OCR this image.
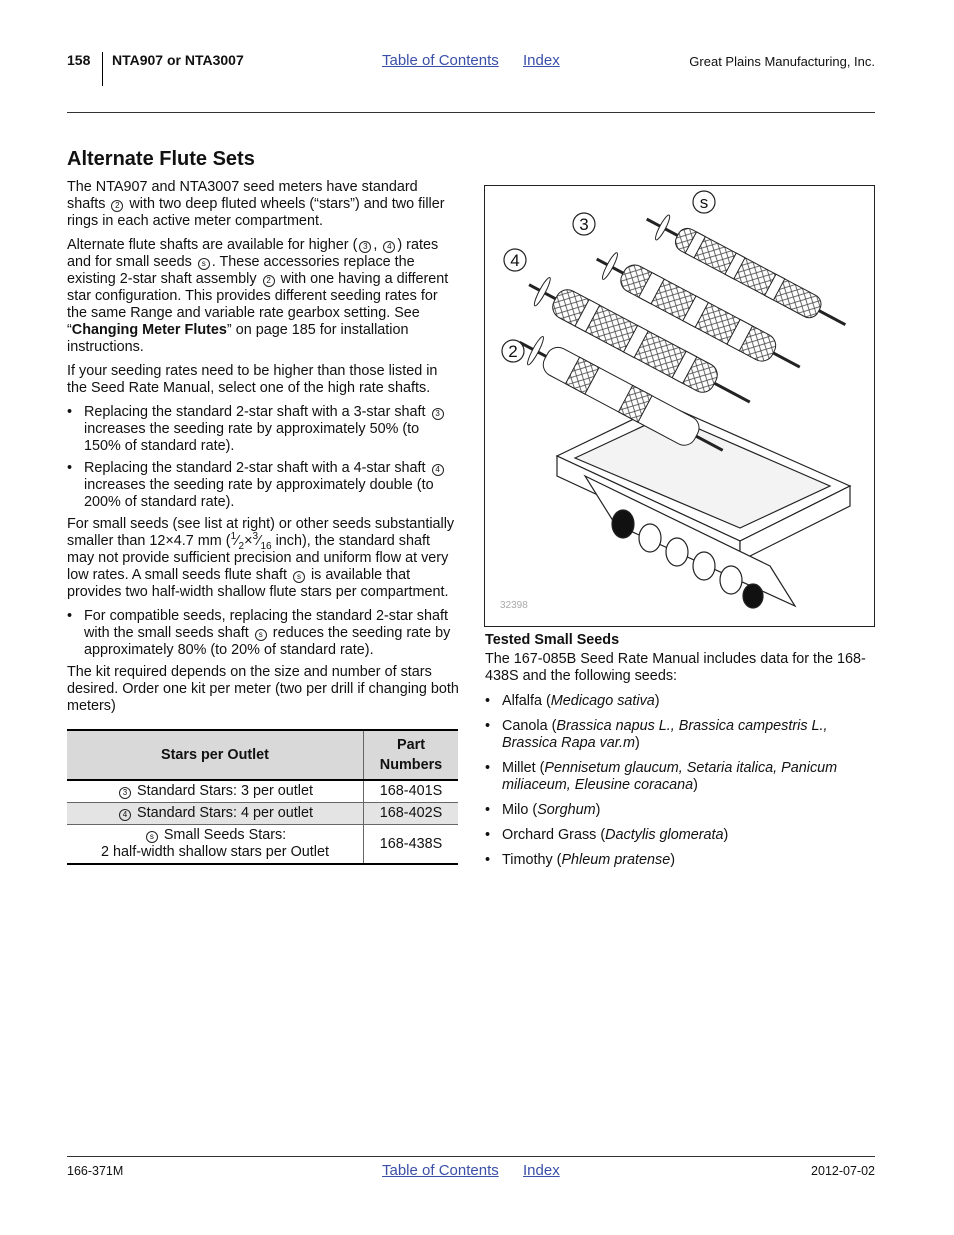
158 NTA907 or NTA3007	Table of Contents Index	Great Plains Manufacturing, Inc.
Alternate Flute Sets

The NTA907 and NTA3007 seed meters have standard shafts 2 with two deep fluted wheels (“stars”) and two filler rings in each active meter compartment.

Alternate flute shafts are available for higher ( 3 , 4 ) rates and for small seeds s . These accessories replace the existing 2-star shaft assembly 2 with one having a different star configuration. This provides different seeding rates for the same Range and variable rate gearbox setting. See “Changing Meter Flutes” on page 185 for installation instructions.

If your seeding rates need to be higher than those listed in the Seed Rate Manual, select one of the high rate shafts.

• Replacing the standard 2-star shaft with a 3-star shaft 3 increases the seeding rate by approximately 50% (to 150% of standard rate).
• Replacing the standard 2-star shaft with a 4-star shaft 4 increases the seeding rate by approximately double (to 200% of standard rate).

For small seeds (see list at right) or other seeds substantially smaller than 12×4.7 mm ($^1⁄_2\times^3⁄_{16}$ inch), the standard shaft may not provide sufficient precision and uniform flow at very low rates. A small seeds flute shaft s is available that provides two half-width shallow flute stars per compartment.

• For compatible seeds, replacing the standard 2-star shaft with the small seeds shaft s reduces the seeding rate by approximately 80% (to 20% of standard rate).

The kit required depends on the size and number of stars desired. Order one kit per meter (two per drill if changing both meters)

Stars per Outlet	Part
Numbers
3 Standard Stars: 3 per outlet	168-401S
4 Standard Stars: 4 per outlet	168-402S
s Small Seeds Stars:
2 half-width shallow stars per Outlet	168-438S
s
3
4
2
32398
Tested Small Seeds

The 167-085B Seed Rate Manual includes data for the 168-438S and the following seeds:

• Alfalfa (Medicago sativa)
• Canola (Brassica napus L., Brassica campestris L., Brassica Rapa var.m)
• Millet (Pennisetum glaucum, Setaria italica, Panicum miliaceum, Eleusine coracana)
• Milo (Sorghum)
• Orchard Grass (Dactylis glomerata)
• Timothy (Phleum pratense)
166-371M	Table of Contents Index	2012-07-02
